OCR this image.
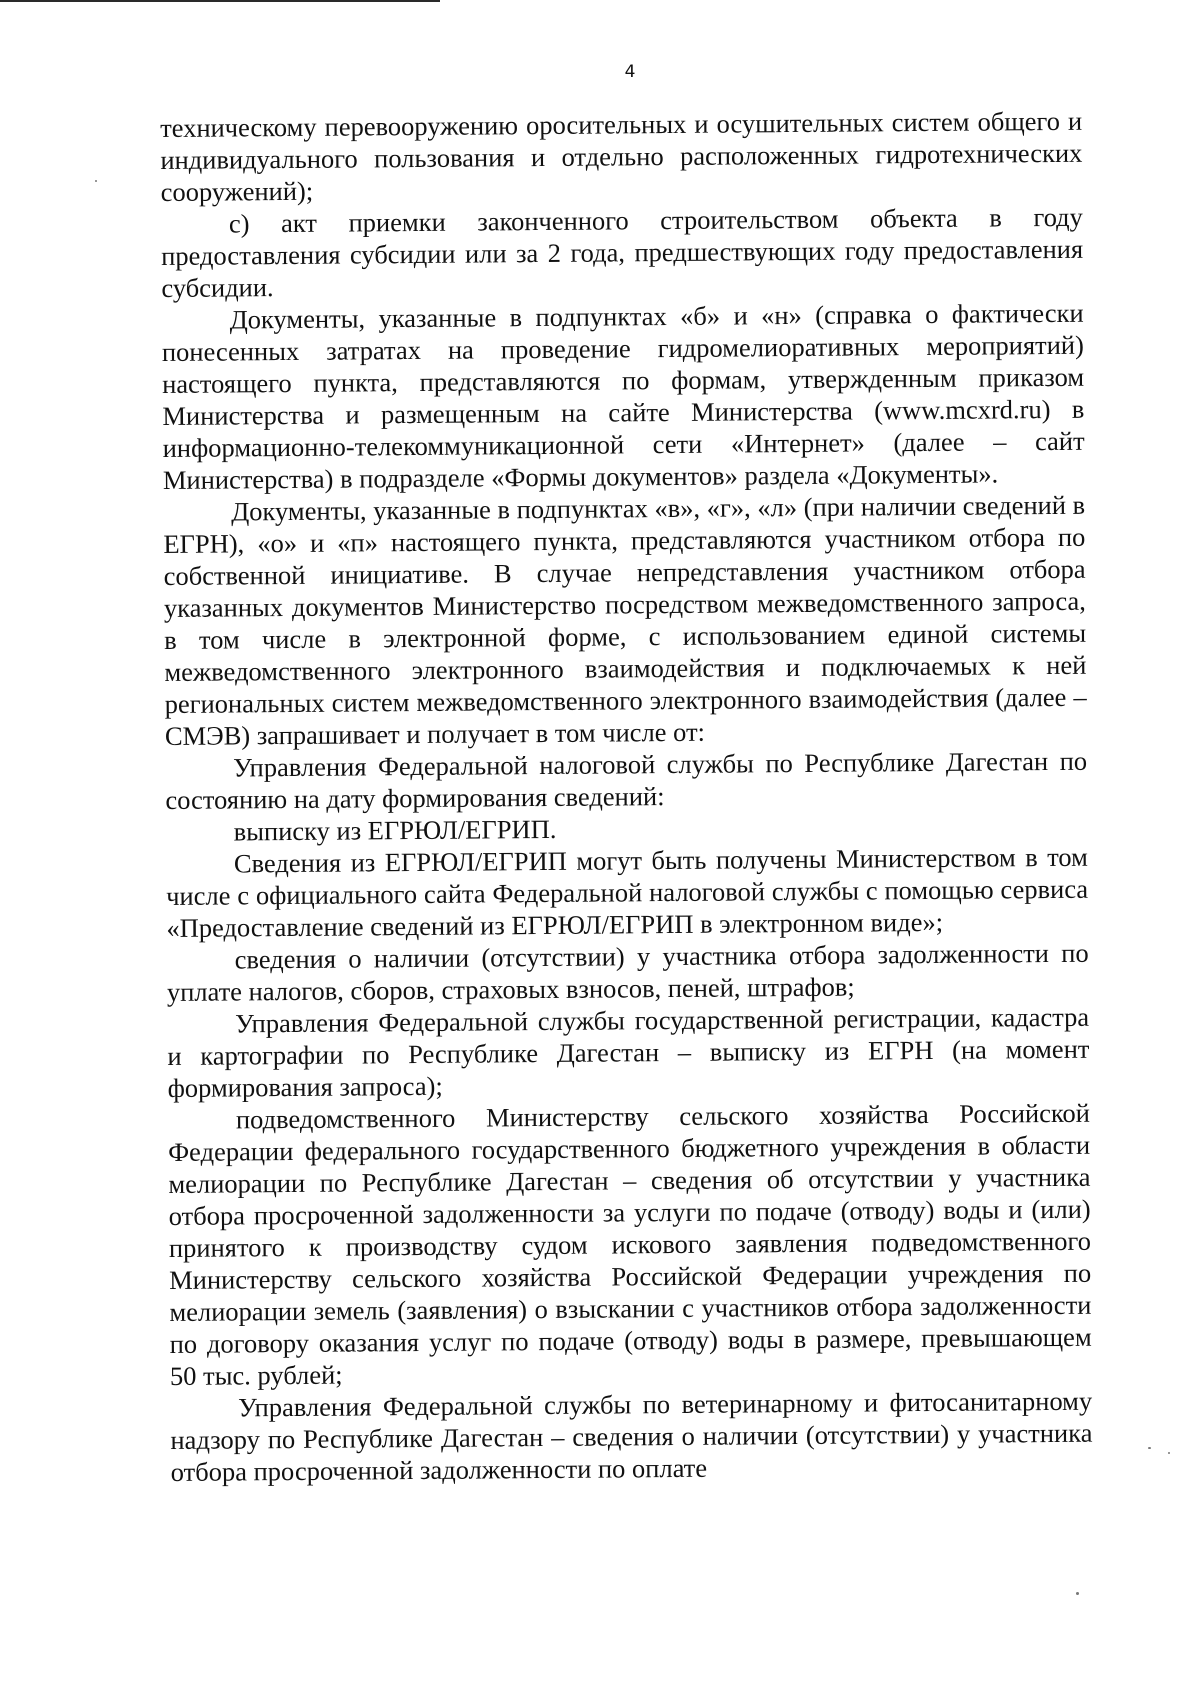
4

техническому перевооружению оросительных и осушительных систем общего и индивидуального пользования и отдельно расположенных гидротехнических сооружений);

с) акт приемки законченного строительством объекта в году предоставления субсидии или за 2 года, предшествующих году предоставления субсидии.

Документы, указанные в подпунктах «б» и «н» (справка о фактически понесенных затратах на проведение гидромелиоративных мероприятий) настоящего пункта, представляются по формам, утвержденным приказом Министерства и размещенным на сайте Министерства (www.mcxrd.ru) в информационно-телекоммуникационной сети «Интернет» (далее – сайт Министерства) в подразделе «Формы документов» раздела «Документы».

Документы, указанные в подпунктах «в», «г», «л» (при наличии сведений в ЕГРН), «о» и «п» настоящего пункта, представляются участником отбора по собственной инициативе. В случае непредставления участником отбора указанных документов Министерство посредством межведомственного запроса, в том числе в электронной форме, с использованием единой системы межведомственного электронного взаимодействия и подключаемых к ней региональных систем межведомственного электронного взаимодействия (далее – СМЭВ) запрашивает и получает в том числе от:

Управления Федеральной налоговой службы по Республике Дагестан по состоянию на дату формирования сведений:

выписку из ЕГРЮЛ/ЕГРИП.

Сведения из ЕГРЮЛ/ЕГРИП могут быть получены Министерством в том числе с официального сайта Федеральной налоговой службы с помощью сервиса «Предоставление сведений из ЕГРЮЛ/ЕГРИП в электронном виде»;

сведения о наличии (отсутствии) у участника отбора задолженности по уплате налогов, сборов, страховых взносов, пеней, штрафов;

Управления Федеральной службы государственной регистрации, кадастра и картографии по Республике Дагестан – выписку из ЕГРН (на момент формирования запроса);

подведомственного Министерству сельского хозяйства Российской Федерации федерального государственного бюджетного учреждения в области мелиорации по Республике Дагестан – сведения об отсутствии у участника отбора просроченной задолженности за услуги по подаче (отводу) воды и (или) принятого к производству судом искового заявления подведомственного Министерству сельского хозяйства Российской Федерации учреждения по мелиорации земель (заявления) о взыскании с участников отбора задолженности по договору оказания услуг по подаче (отводу) воды в размере, превышающем 50 тыс. рублей;

Управления Федеральной службы по ветеринарному и фитосанитарному надзору по Республике Дагестан – сведения о наличии (отсутствии) у участника отбора просроченной задолженности по оплате
